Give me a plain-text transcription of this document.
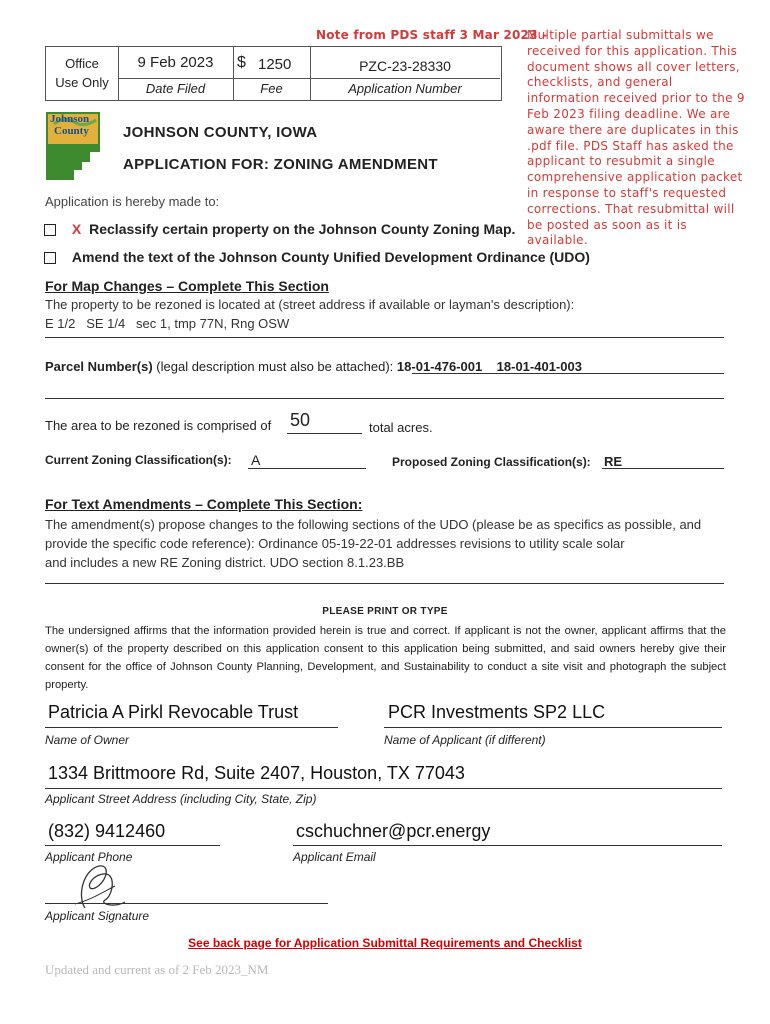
Note from PDS staff 3 Mar 2023 -
Multiple partial submittals we received for this application. This document shows all cover letters, checklists, and general information received prior to the 9 Feb 2023 filing deadline. We are aware there are duplicates in this .pdf file. PDS Staff has asked the applicant to resubmit a single comprehensive application packet in response to staff's requested corrections. That resubmittal will be posted as soon as it is available.
Office
Use Only
9 Feb 2023	$ 1250	PZC-23-28330
Date Filed	Fee	Application Number
Johnson
County JOHNSON COUNTY, IOWA
APPLICATION FOR: ZONING AMENDMENT
Application is hereby made to:
X Reclassify certain property on the Johnson County Zoning Map.
Amend the text of the Johnson County Unified Development Ordinance (UDO)
For Map Changes – Complete This Section
The property to be rezoned is located at (street address if available or layman's description):
E 1/2   SE 1/4   sec 1, tmp 77N, Rng OSW
Parcel Number(s) (legal description must also be attached): 18-01-476-001    18-01-401-003
The area to be rezoned is comprised of 50	total acres.
Current Zoning Classification(s): A	Proposed Zoning Classification(s): RE
For Text Amendments – Complete This Section:
The amendment(s) propose changes to the following sections of the UDO (please be as specifics as possible, and provide the specific code reference): Ordinance 05-19-22-01 addresses revisions to utility scale solar
and includes a new RE Zoning district. UDO section 8.1.23.BB
PLEASE PRINT OR TYPE
The undersigned affirms that the information provided herein is true and correct. If applicant is not the owner, applicant affirms that the owner(s) of the property described on this application consent to this application being submitted, and said owners hereby give their consent for the office of Johnson County Planning, Development, and Sustainability to conduct a site visit and photograph the subject property.
Patricia A Pirkl Revocable Trust
Name of Owner
PCR Investments SP2 LLC
Name of Applicant (if different)
1334 Brittmoore Rd, Suite 2407, Houston, TX 77043
Applicant Street Address (including City, State, Zip)
(832) 9412460
Applicant Phone
cschuchner@pcr.energy
Applicant Email
Applicant Signature
See back page for Application Submittal Requirements and Checklist
Updated and current as of 2 Feb 2023_NM
